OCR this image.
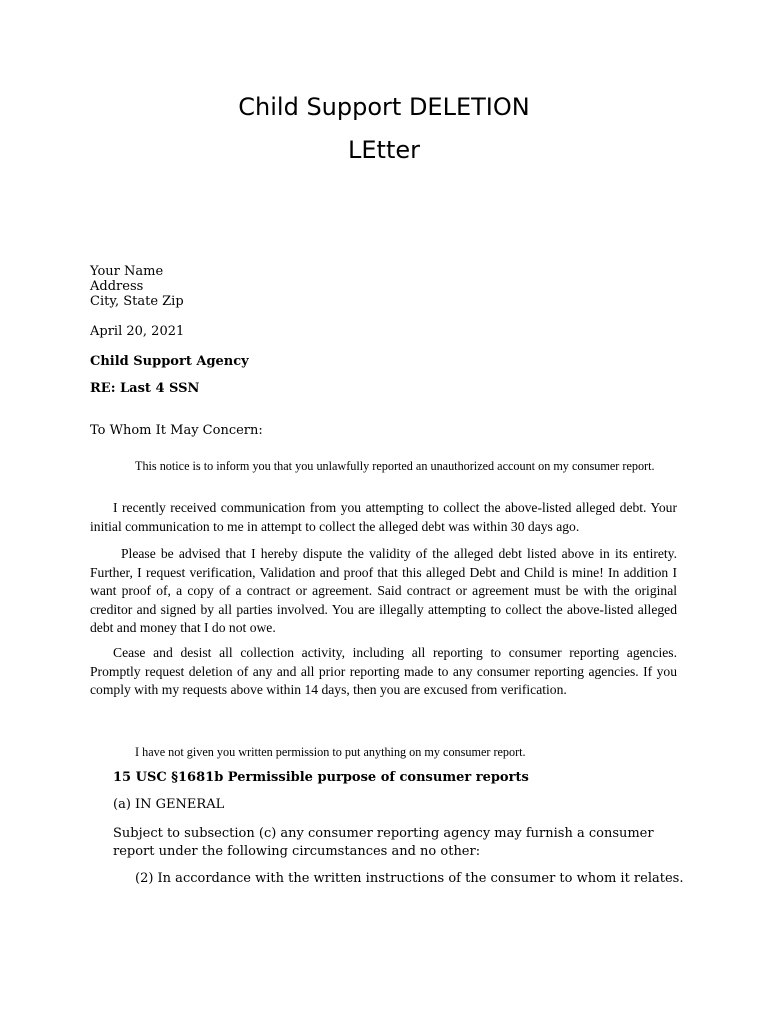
Child Support DELETION
LEtter
Your Name
Address
City, State Zip
April 20, 2021
Child Support Agency
RE: Last 4 SSN
To Whom It May Concern:

This notice is to inform you that you unlawfully reported an unauthorized account on my consumer report.

I recently received communication from you attempting to collect the above-listed alleged debt. Your initial communication to me in attempt to collect the alleged debt was within 30 days ago.

Please be advised that I hereby dispute the validity of the alleged debt listed above in its entirety. Further, I request verification, Validation and proof that this alleged Debt and Child is mine! In addition I want proof of, a copy of a contract or agreement. Said contract or agreement must be with the original creditor and signed by all parties involved. You are illegally attempting to collect the above-listed alleged debt and money that I do not owe.

Cease and desist all collection activity, including all reporting to consumer reporting agencies. Promptly request deletion of any and all prior reporting made to any consumer reporting agencies. If you comply with my requests above within 14 days, then you are excused from verification.

I have not given you written permission to put anything on my consumer report.

15 USC §1681b Permissible purpose of consumer reports
(a) IN GENERAL
Subject to subsection (c) any consumer reporting agency may furnish a consumer report under the following circumstances and no other:
(2) In accordance with the written instructions of the consumer to whom it relates.
